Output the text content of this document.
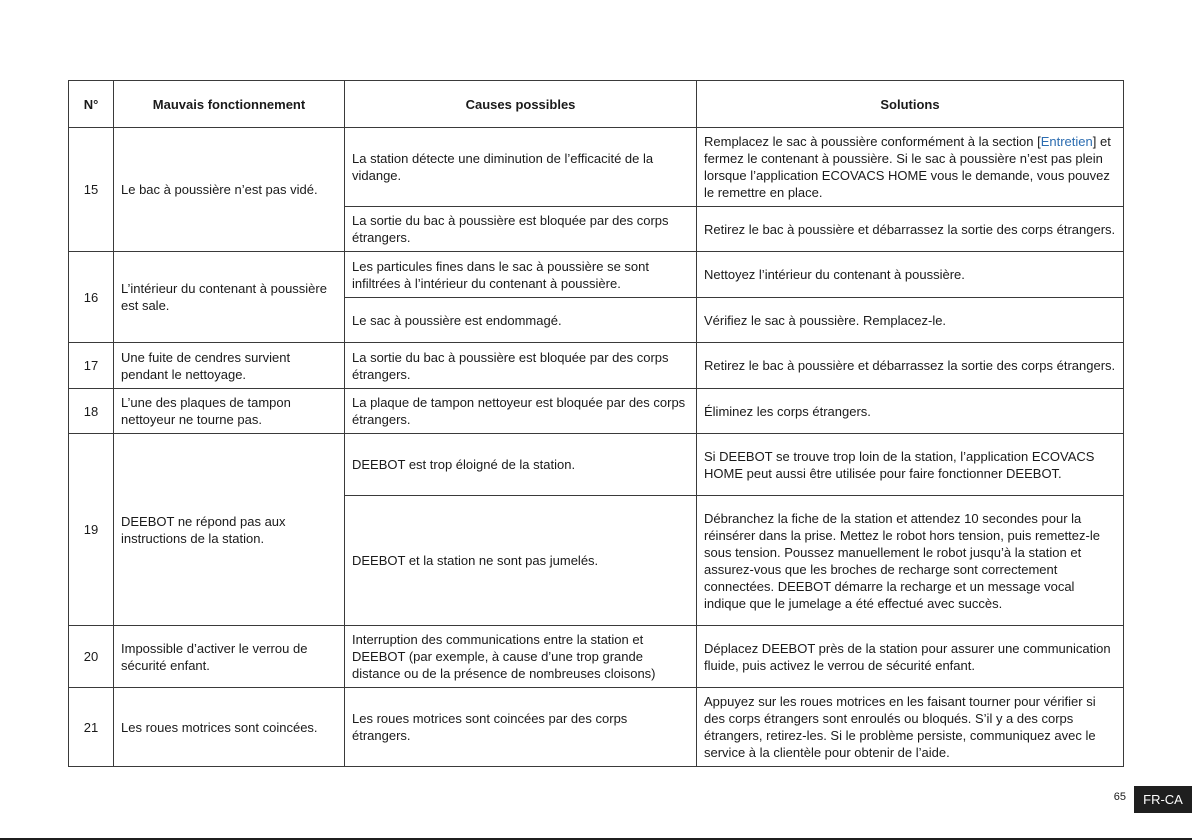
N°	Mauvais fonctionnement	Causes possibles	Solutions
15	Le bac à poussière n’est pas vidé.	La station détecte une diminution de l’efficacité de la vidange.	Remplacez le sac à poussière conformément à la section [Entretien] et fermez le contenant à poussière. Si le sac à poussière n’est pas plein lorsque l’application ECOVACS HOME vous le demande, vous pouvez le remettre en place.
		La sortie du bac à poussière est bloquée par des corps étrangers.	Retirez le bac à poussière et débarrassez la sortie des corps étrangers.
16	L’intérieur du contenant à poussière est sale.	Les particules fines dans le sac à poussière se sont infiltrées à l’intérieur du contenant à poussière.	Nettoyez l’intérieur du contenant à poussière.
		Le sac à poussière est endommagé.	Vérifiez le sac à poussière. Remplacez-le.
17	Une fuite de cendres survient pendant le nettoyage.	La sortie du bac à poussière est bloquée par des corps étrangers.	Retirez le bac à poussière et débarrassez la sortie des corps étrangers.
18	L’une des plaques de tampon nettoyeur ne tourne pas.	La plaque de tampon nettoyeur est bloquée par des corps étrangers.	Éliminez les corps étrangers.
19	DEEBOT ne répond pas aux instructions de la station.	DEEBOT est trop éloigné de la station.	Si DEEBOT se trouve trop loin de la station, l’application ECOVACS HOME peut aussi être utilisée pour faire fonctionner DEEBOT.
		DEEBOT et la station ne sont pas jumelés.	Débranchez la fiche de la station et attendez 10 secondes pour la réinsérer dans la prise. Mettez le robot hors tension, puis remettez-le sous tension. Poussez manuellement le robot jusqu’à la station et assurez-vous que les broches de recharge sont correctement connectées. DEEBOT démarre la recharge et un message vocal indique que le jumelage a été effectué avec succès.
20	Impossible d’activer le verrou de sécurité enfant.	Interruption des communications entre la station et DEEBOT (par exemple, à cause d’une trop grande distance ou de la présence de nombreuses cloisons)	Déplacez DEEBOT près de la station pour assurer une communication fluide, puis activez le verrou de sécurité enfant.
21	Les roues motrices sont coincées.	Les roues motrices sont coincées par des corps étrangers.	Appuyez sur les roues motrices en les faisant tourner pour vérifier si des corps étrangers sont enroulés ou bloqués. S’il y a des corps étrangers, retirez-les. Si le problème persiste, communiquez avec le service à la clientèle pour obtenir de l’aide.
65	FR-CA
